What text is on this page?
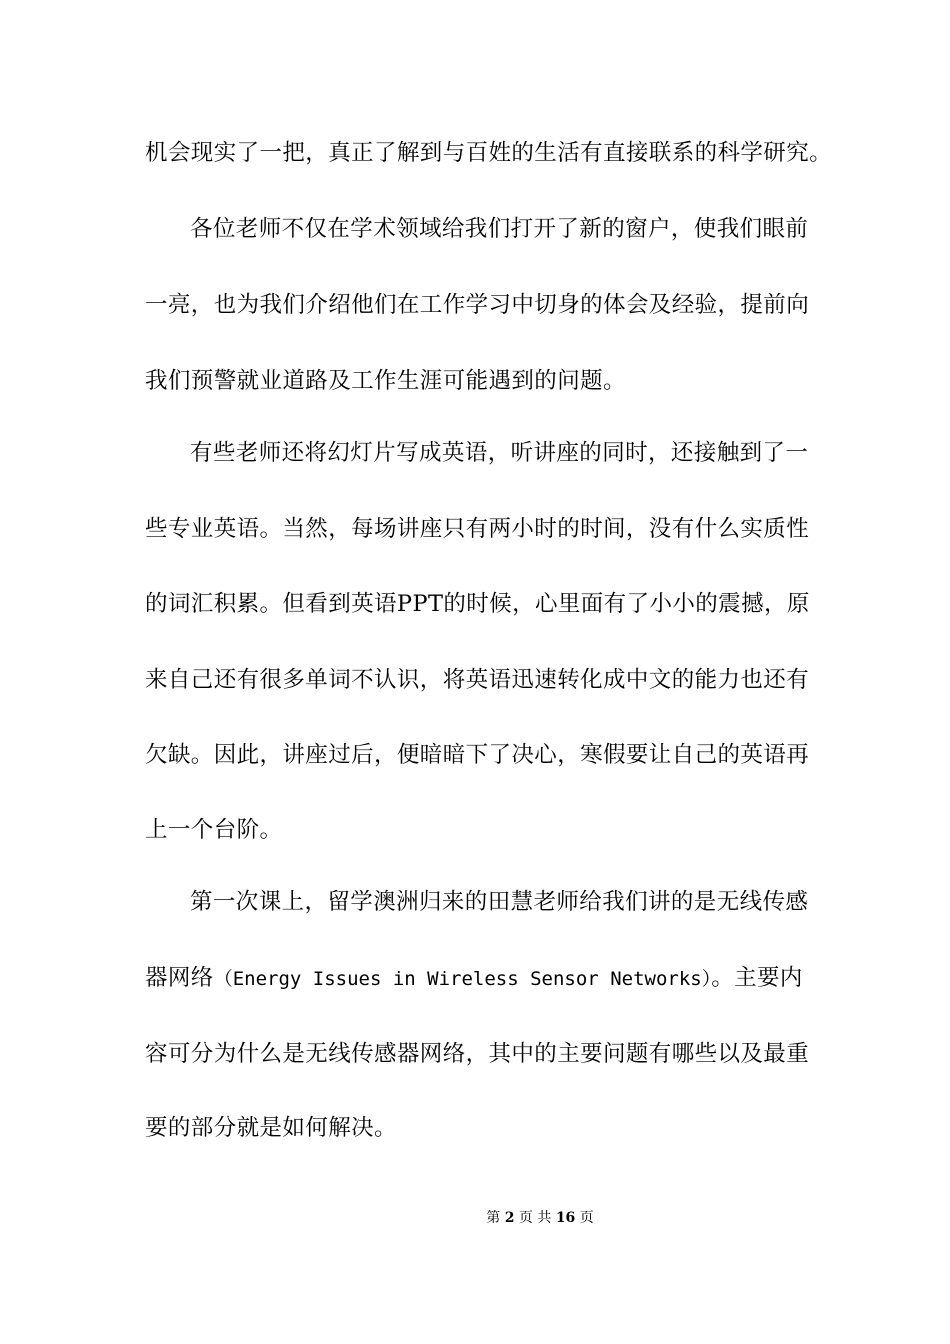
机会现实了一把，真正了解到与百姓的生活有直接联系的科学研究。
各位老师不仅在学术领域给我们打开了新的窗户，使我们眼前
一亮，也为我们介绍他们在工作学习中切身的体会及经验，提前向
我们预警就业道路及工作生涯可能遇到的问题。
有些老师还将幻灯片写成英语，听讲座的同时，还接触到了一
些专业英语。当然，每场讲座只有两小时的时间，没有什么实质性
的词汇积累。但看到英语PPT的时候，心里面有了小小的震撼，原
来自己还有很多单词不认识，将英语迅速转化成中文的能力也还有
欠缺。因此，讲座过后，便暗暗下了决心，寒假要让自己的英语再
上一个台阶。
第一次课上，留学澳洲归来的田慧老师给我们讲的是无线传感
器网络（Energy Issues in Wireless Sensor Networks）。主要内
容可分为什么是无线传感器网络，其中的主要问题有哪些以及最重
要的部分就是如何解决。
第 2 页 共 16 页
